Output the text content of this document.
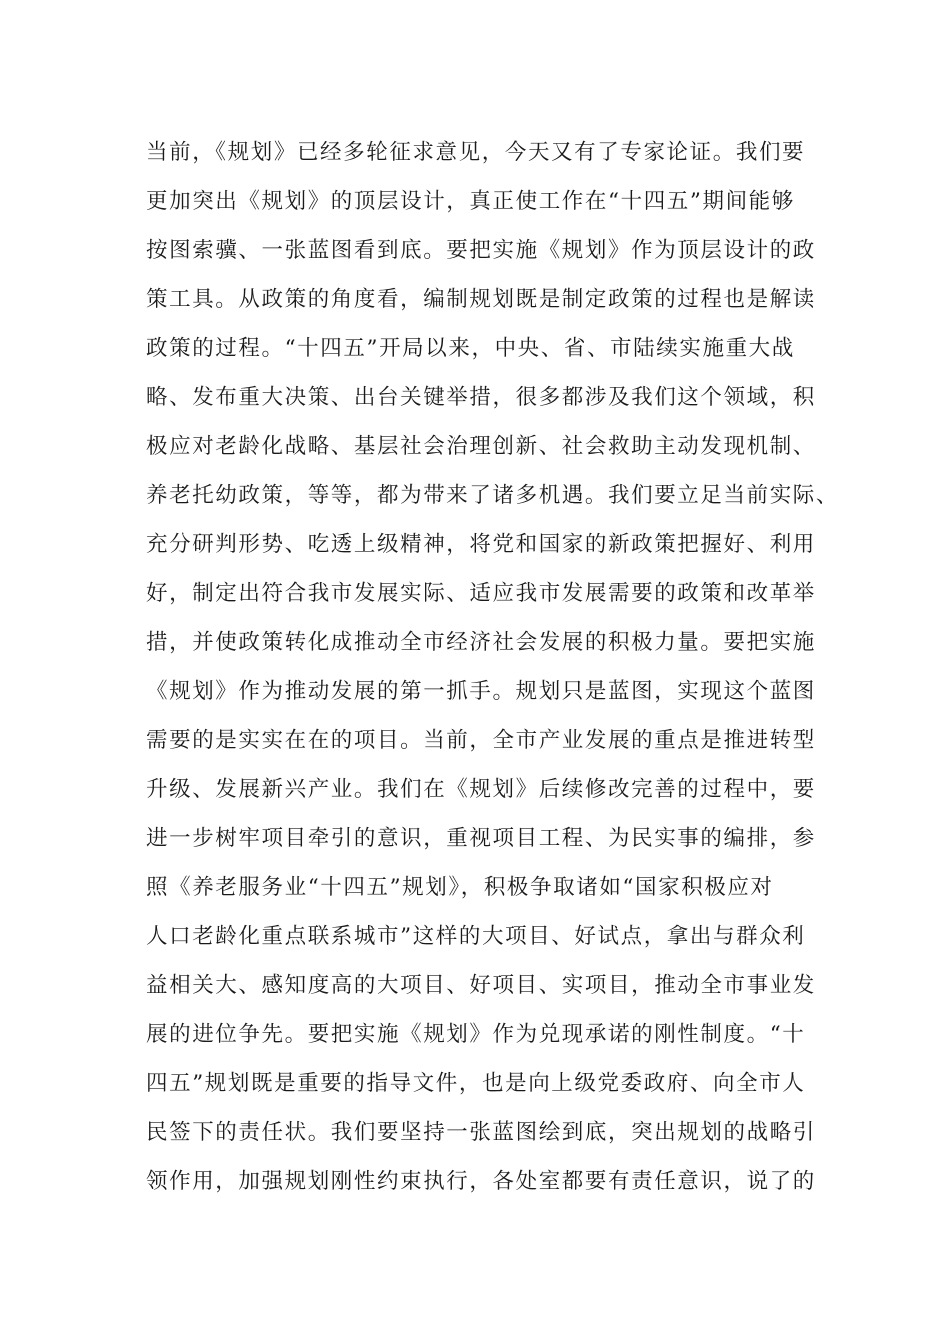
当前，《规划》已经多轮征求意见，今天又有了专家论证。我们要
更加突出《规划》的顶层设计，真正使工作在“十四五”期间能够
按图索骥、一张蓝图看到底。要把实施《规划》作为顶层设计的政
策工具。从政策的角度看，编制规划既是制定政策的过程也是解读
政策的过程。“十四五”开局以来，中央、省、市陆续实施重大战
略、发布重大决策、出台关键举措，很多都涉及我们这个领域，积
极应对老龄化战略、基层社会治理创新、社会救助主动发现机制、
养老托幼政策，等等，都为带来了诸多机遇。我们要立足当前实际、
充分研判形势、吃透上级精神，将党和国家的新政策把握好、利用
好，制定出符合我市发展实际、适应我市发展需要的政策和改革举
措，并使政策转化成推动全市经济社会发展的积极力量。要把实施
《规划》作为推动发展的第一抓手。规划只是蓝图，实现这个蓝图
需要的是实实在在的项目。当前，全市产业发展的重点是推进转型
升级、发展新兴产业。我们在《规划》后续修改完善的过程中，要
进一步树牢项目牵引的意识，重视项目工程、为民实事的编排，参
照《养老服务业“十四五”规划》，积极争取诸如“国家积极应对
人口老龄化重点联系城市”这样的大项目、好试点，拿出与群众利
益相关大、感知度高的大项目、好项目、实项目，推动全市事业发
展的进位争先。要把实施《规划》作为兑现承诺的刚性制度。“十
四五”规划既是重要的指导文件，也是向上级党委政府、向全市人
民签下的责任状。我们要坚持一张蓝图绘到底，突出规划的战略引
领作用，加强规划刚性约束执行，各处室都要有责任意识，说了的
